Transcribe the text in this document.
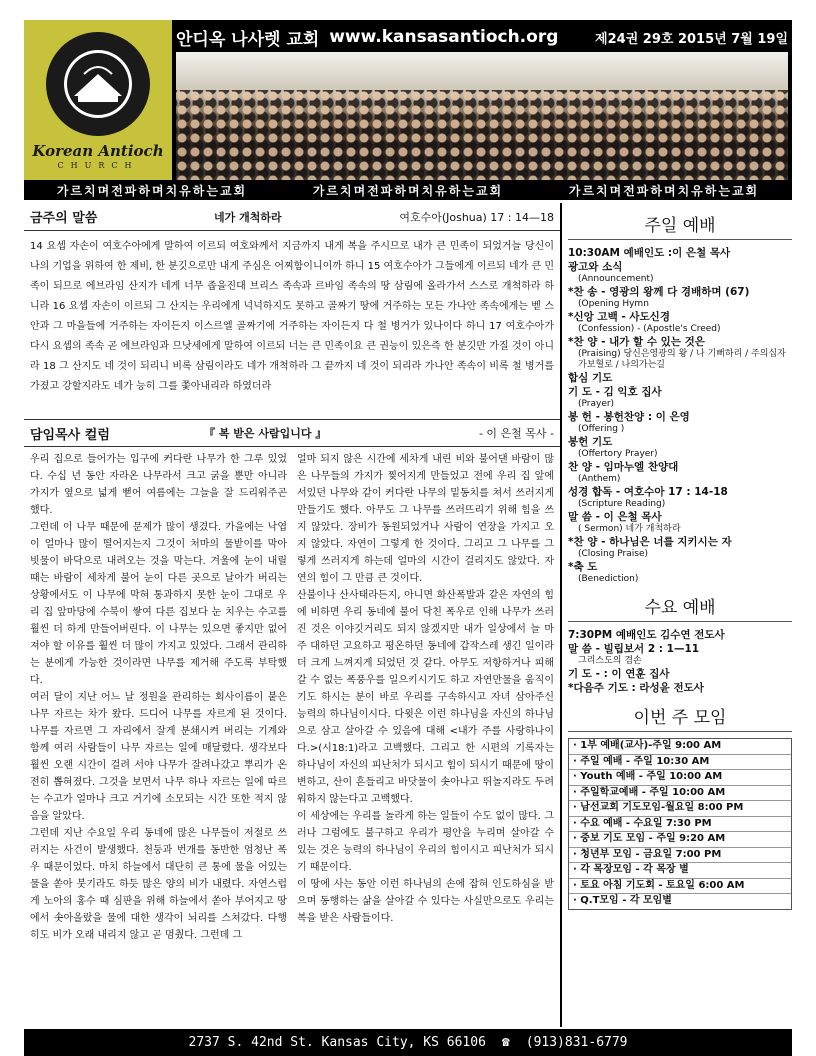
Korean Antioch
CHURCH
안디옥 나사렛 교회 www.kansasantioch.org	제24권 29호 2015년 7월 19일
가르치며전파하며치유하는교회	가르치며전파하며치유하는교회	가르치며전파하며치유하는교회
금주의 말씀	네가 개척하라	여호수아(Joshua) 17 : 14—18
14 요셉 자손이 여호수아에게 말하여 이르되 여호와께서 지금까지 내게 복을 주시므로 내가 큰 민족이 되었거늘 당신이 나의 기업을 위하여 한 제비, 한 분깃으로만 내게 주심은 어찌함이니이까 하니 15 여호수아가 그들에게 이르되 네가 큰 민족이 되므로 에브라임 산지가 네게 너무 좁을진대 브리스 족속과 르바임 족속의 땅 삼림에 올라가서 스스로 개척하라 하니라 16 요셉 자손이 이르되 그 산지는 우리에게 넉넉하지도 못하고 골짜기 땅에 거주하는 모든 가나안 족속에게는 벧 스안과 그 마을들에 거주하는 자이든지 이스르엘 골짜기에 거주하는 자이든지 다 철 병거가 있나이다 하니 17 여호수아가 다시 요셉의 족속 곧 에브라임과 므낫세에게 말하여 이르되 너는 큰 민족이요 큰 권능이 있은즉 한 분깃만 가질 것이 아니라 18 그 산지도 네 것이 되리니 비록 삼림이라도 네가 개척하라 그 끝까지 네 것이 되리라 가나안 족속이 비록 철 병거를 가졌고 강할지라도 네가 능히 그를 쫓아내리라 하였더라
담임목사 컬럼	『 복 받은 사람입니다 』	- 이 은철 목사 -

우리 집으로 들어가는 입구에 커다란 나무가 한 그루 있었다. 수십 년 동안 자라온 나무라서 크고 굵을 뿐만 아니라 가지가 옆으로 넓게 뻗어 여름에는 그늘을 잘 드리워주곤 했다.

그런데 이 나무 때문에 문제가 많이 생겼다. 가을에는 낙엽이 얼마나 많이 떨어지는지 그것이 처마의 물받이를 막아 빗물이 바닥으로 내려오는 것을 막는다. 겨울에 눈이 내릴 때는 바람이 세차게 불어 눈이 다른 곳으로 날아가 버리는 상황에서도 이 나무에 막혀 통과하지 못한 눈이 그대로 우리 집 앞마당에 수북이 쌓여 다른 집보다 눈 치우는 수고를 훨씬 더 하게 만들어버린다. 이 나무는 있으면 좋지만 없어져야 할 이유를 훨씬 더 많이 가지고 있었다. 그래서 관리하는 분에게 가능한 것이라면 나무를 제거해 주도록 부탁했다.

여러 달이 지난 어느 날 정원을 관리하는 회사이름이 붙은 나무 자르는 차가 왔다. 드디어 나무를 자르게 된 것이다. 나무를 자르면 그 자리에서 잘게 분쇄시켜 버리는 기계와 함께 여러 사람들이 나무 자르는 일에 매달렸다. 생각보다 훨씬 오랜 시간이 걸려 서야 나무가 잘려나갔고 뿌리가 온전히 뽑혀졌다. 그것을 보면서 나무 하나 자르는 일에 따르는 수고가 얼마나 크고 거기에 소모되는 시간 또한 적지 않음을 알았다.

그런데 지난 수요일 우리 동네에 많은 나무들이 저절로 쓰러지는 사건이 발생했다. 천둥과 번개를 동반한 엄청난 폭우 때문이었다. 마치 하늘에서 대단히 큰 통에 물을 어있는 물을 쏟아 붓기라도 하듯 많은 양의 비가 내렸다. 자연스럽게 노아의 홍수 때 심판을 위해 하늘에서 쏟아 부어지고 땅에서 솟아올랐을 물에 대한 생각이 뇌리를 스쳐갔다. 다행히도 비가 오래 내리지 않고 곧 멈췄다. 그런데 그

얼마 되지 않은 시간에 세차게 내린 비와 불어댄 바람이 많은 나무들의 가지가 찢어지게 만들었고 전에 우리 집 앞에 서있던 나무와 같이 커다란 나무의 밑동치를 쳐서 쓰러지게 만들기도 했다. 아무도 그 나무를 쓰러뜨리기 위해 힘을 쓰지 않았다. 장비가 동원되었거나 사람이 연장을 가지고 오지 않았다. 자연이 그렇게 한 것이다. 그리고 그 나무를 그렇게 쓰러지게 하는데 얼마의 시간이 걸리지도 않았다. 자연의 힘이 그 만큼 큰 것이다.

산불이나 산사태라든지, 아니면 화산폭발과 같은 자연의 힘에 비하면 우리 동네에 불어 닥친 폭우로 인해 나무가 쓰러진 것은 이야깃거리도 되지 않겠지만 내가 일상에서 늘 마주 대하던 고요하고 평온하던 동네에 갑작스레 생긴 일이라 더 크게 느껴지게 되었던 것 같다. 아무도 저항하거나 피해 갈 수 없는 폭풍우를 일으키시기도 하고 자연만물을 움직이기도 하시는 분이 바로 우리를 구속하시고 자녀 삼아주신 능력의 하나님이시다. 다윗은 이런 하나님을 자신의 하나님으로 삼고 살아갈 수 있음에 대해 <내가 주를 사랑하나이다.>(시18:1)라고 고백했다. 그리고 한 시편의 기록자는 하나님이 자신의 피난처가 되시고 힘이 되시기 때문에 땅이 변하고, 산이 흔들리고 바닷물이 솟아나고 뛰놀지라도 두려워하지 않는다고 고백했다.

이 세상에는 우리를 놀라게 하는 일들이 수도 없이 많다. 그러나 그럼에도 불구하고 우리가 평안을 누리며 살아갈 수 있는 것은 능력의 하나님이 우리의 힘이시고 피난처가 되시기 때문이다.

이 땅에 사는 동안 이런 하나님의 손에 잡혀 인도하심을 받으며 동행하는 삶을 살아갈 수 있다는 사실만으로도 우리는 복을 받은 사람들이다.

주일 예배
10:30AM 예배인도 :이 은철 목사
광고와 소식
(Announcement)
*찬 송 - 영광의 왕께 다 경배하며 (67)
(Opening Hymn
*신앙 고백 - 사도신경
(Confession) - (Apostle's Creed)
*찬 양 - 내가 할 수 있는 것은
(Praising) 당신은영광의 왕 / 나 기뻐하리 / 주의십자가보혈로 / 나의가는길
합심 기도
기 도 - 김 익호 집사
(Prayer)
봉 헌 - 봉헌찬양 : 이 은영
(Offering )
봉헌 기도
(Offertory Prayer)
찬 양 - 임마누엘 찬양대
(Anthem)
성경 합독 - 여호수아 17 : 14-18
(Scripture Reading)
말 씀 - 이 은철 목사
( Sermon) 네가 개척하라
*찬 양 - 하나님은 너를 지키시는 자
(Closing Praise)
*축 도
(Benediction)
수요 예배
7:30PM 예배인도 김수연 전도사
말 씀 - 빌립보서 2 : 1—11
그리스도의 겸손
기 도 - : 이 연훈 집사
*다음주 기도 : 라성윤 전도사
이번 주 모임
· 1부 예배(교사)-주일 9:00 AM
· 주일 예배 - 주일 10:30 AM
· Youth 예배 - 주일 10:00 AM
· 주일학교예배 - 주일 10:00 AM
· 남선교회 기도모임-월요일 8:00 PM
· 수요 예배 - 수요일 7:30 PM
· 중보 기도 모임 - 주일 9:20 AM
· 청년부 모임 - 금요일 7:00 PM
· 각 목장모임 - 각 목장 별
· 토요 아침 기도회 - 토요일 6:00 AM
· Q.T모임 - 각 모임별
2737 S. 42nd St. Kansas City, KS 66106 ☎ (913)831-6779
